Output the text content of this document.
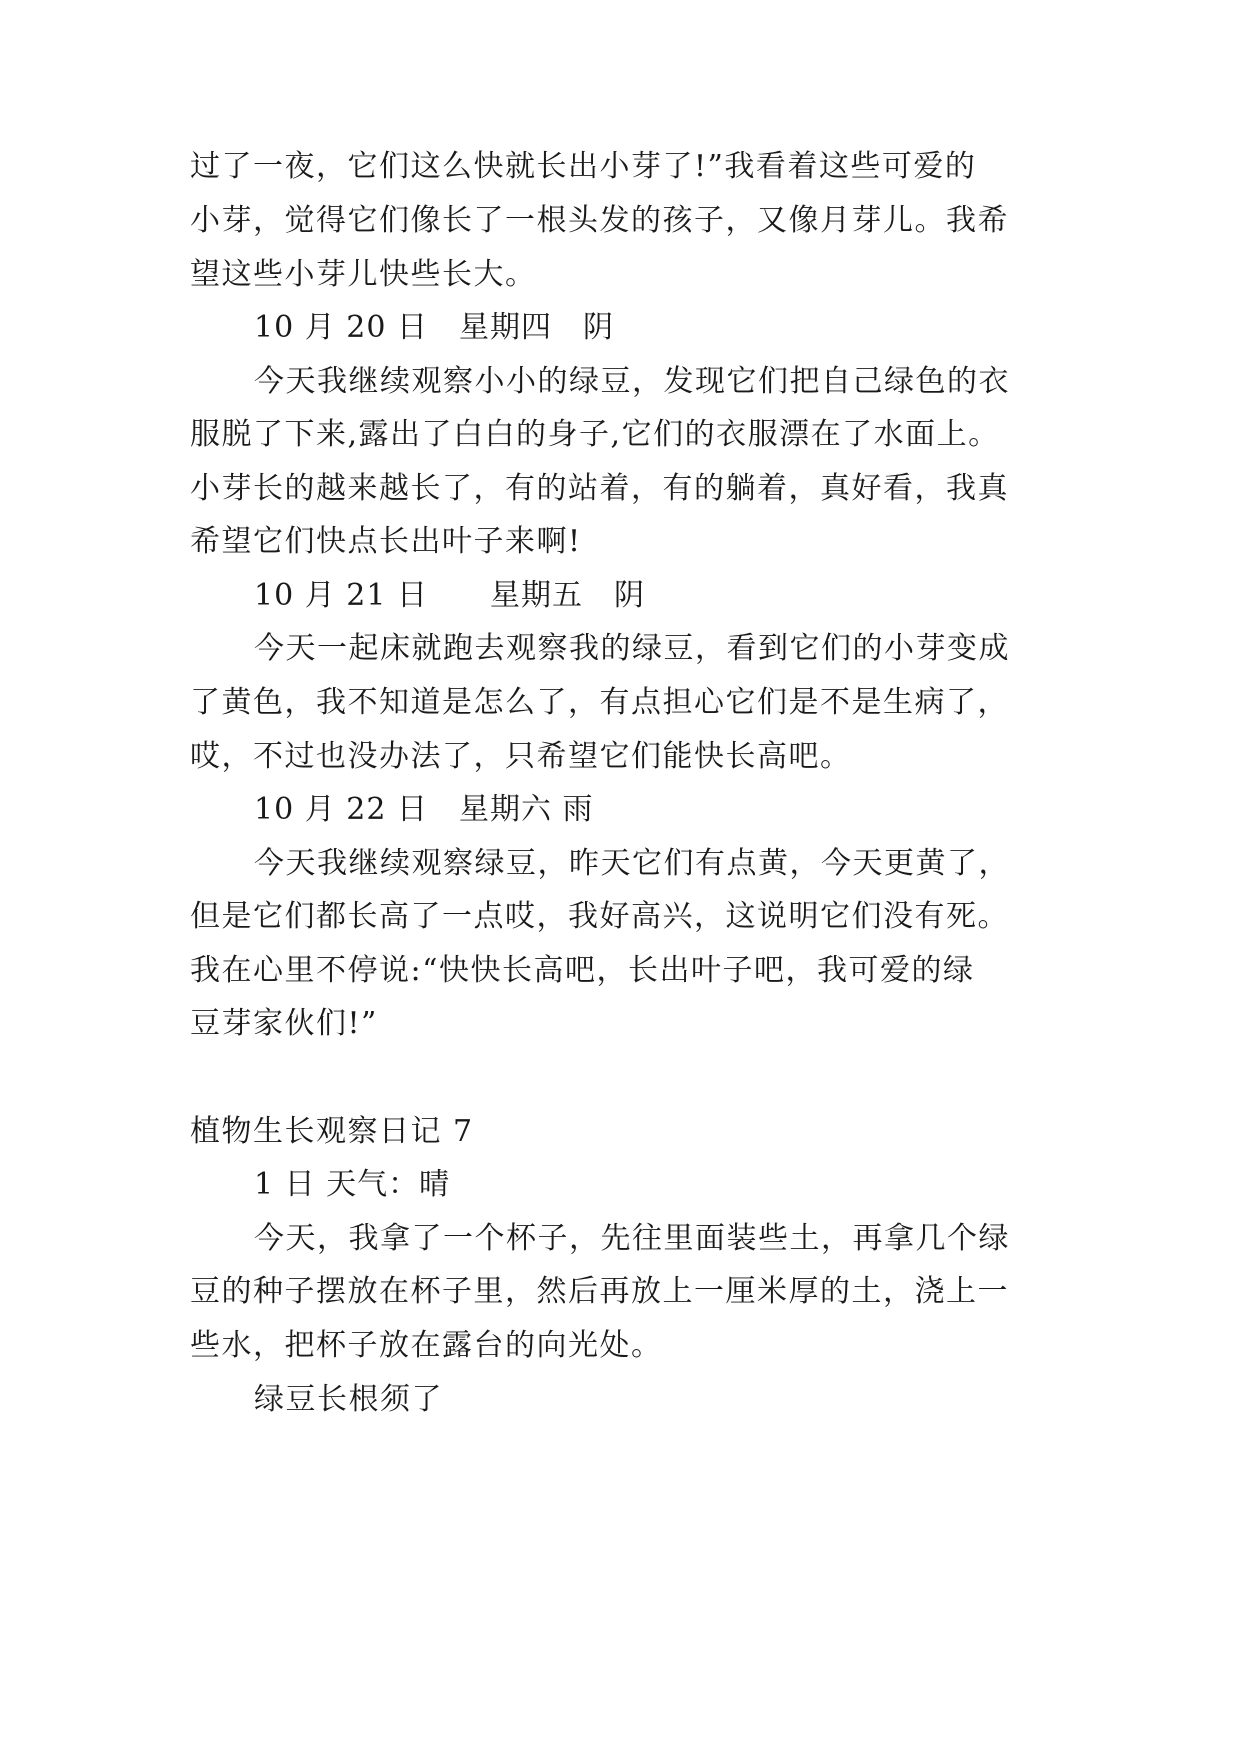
过了一夜，它们这么快就长出小芽了!”我看着这些可爱的
小芽，觉得它们像长了一根头发的孩子，又像月芽儿。我希
望这些小芽儿快些长大。
10 月 20 日　星期四　阴
今天我继续观察小小的绿豆，发现它们把自己绿色的衣
服脱了下来,露出了白白的身子,它们的衣服漂在了水面上。
小芽长的越来越长了，有的站着，有的躺着，真好看，我真
希望它们快点长出叶子来啊!
10 月 21 日　　星期五　阴
今天一起床就跑去观察我的绿豆，看到它们的小芽变成
了黄色，我不知道是怎么了，有点担心它们是不是生病了，
哎，不过也没办法了，只希望它们能快长高吧。
10 月 22 日　星期六 雨
今天我继续观察绿豆，昨天它们有点黄，今天更黄了，
但是它们都长高了一点哎，我好高兴，这说明它们没有死。
我在心里不停说:“快快长高吧，长出叶子吧，我可爱的绿
豆芽家伙们!”
植物生长观察日记 7
1 日 天气：晴
今天，我拿了一个杯子，先往里面装些土，再拿几个绿
豆的种子摆放在杯子里，然后再放上一厘米厚的土，浇上一
些水，把杯子放在露台的向光处。
绿豆长根须了
